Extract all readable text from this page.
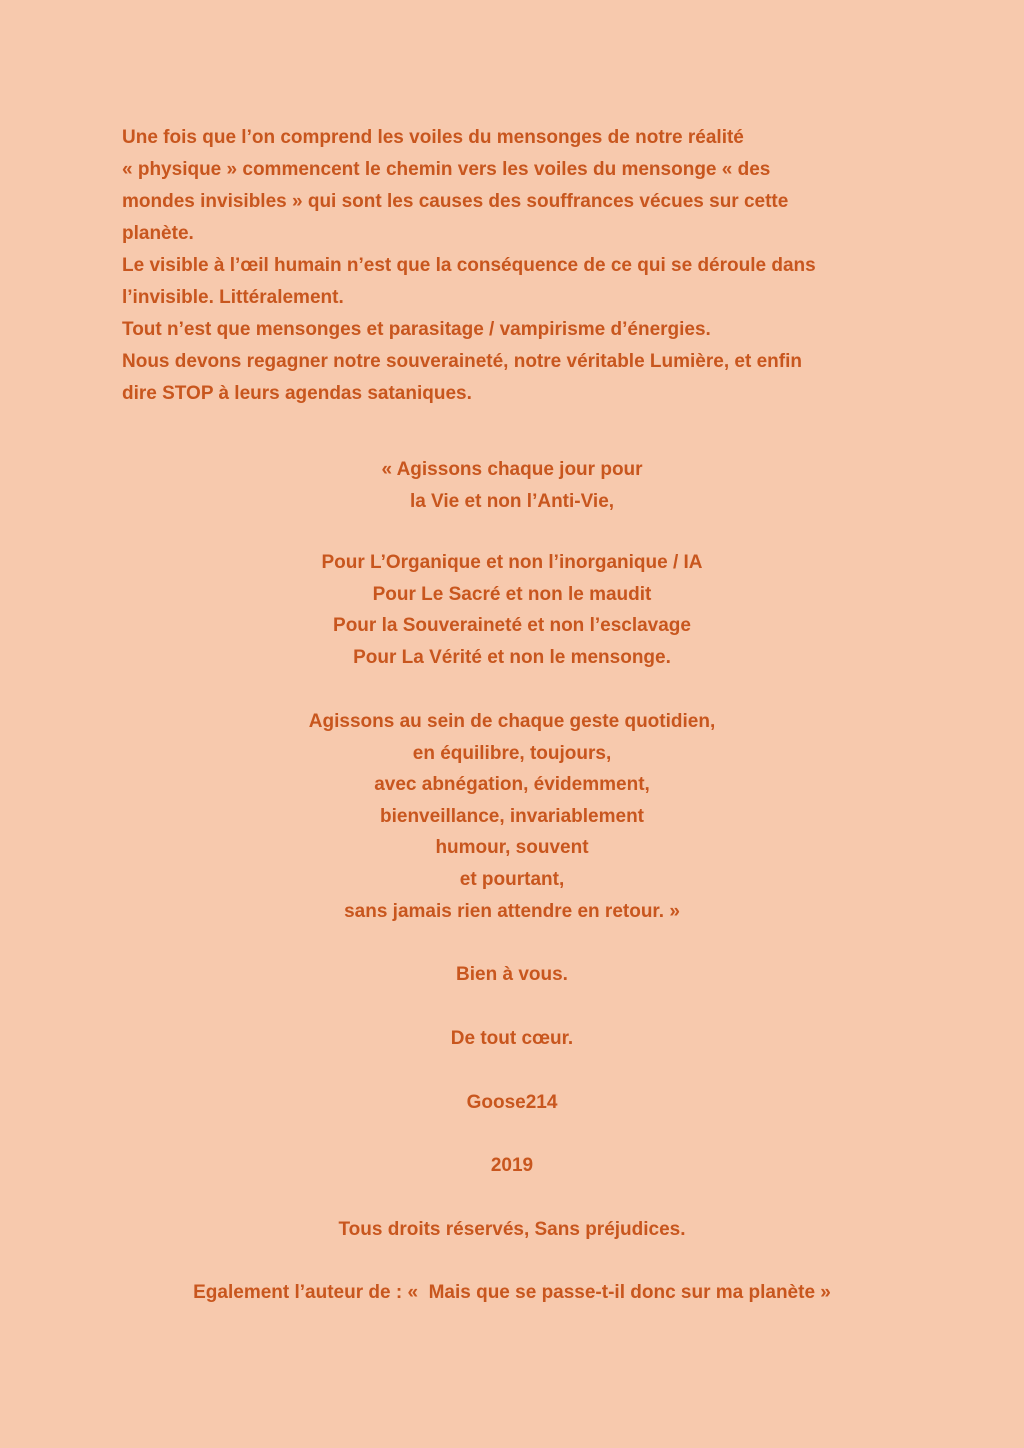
Une fois que l’on comprend les voiles du mensonges de notre réalité
« physique » commencent le chemin vers les voiles du mensonge « des
mondes invisibles » qui sont les causes des souffrances vécues sur cette
planète.
Le visible à l’œil humain n’est que la conséquence de ce qui se déroule dans
l’invisible. Littéralement.
Tout n’est que mensonges et parasitage / vampirisme d’énergies.
Nous devons regagner notre souveraineté, notre véritable Lumière, et enfin
dire STOP à leurs agendas sataniques.

« Agissons chaque jour pour
la Vie et non l’Anti-Vie,

Pour L’Organique et non l’inorganique / IA
Pour Le Sacré et non le maudit
Pour la Souveraineté et non l’esclavage
Pour La Vérité et non le mensonge.

Agissons au sein de chaque geste quotidien,
en équilibre, toujours,
avec abnégation, évidemment,
bienveillance, invariablement
humour, souvent
et pourtant,
sans jamais rien attendre en retour. »

Bien à vous.
De tout cœur.
Goose214
2019
Tous droits réservés, Sans préjudices.
Egalement l’auteur de : «  Mais que se passe-t-il donc sur ma planète »
